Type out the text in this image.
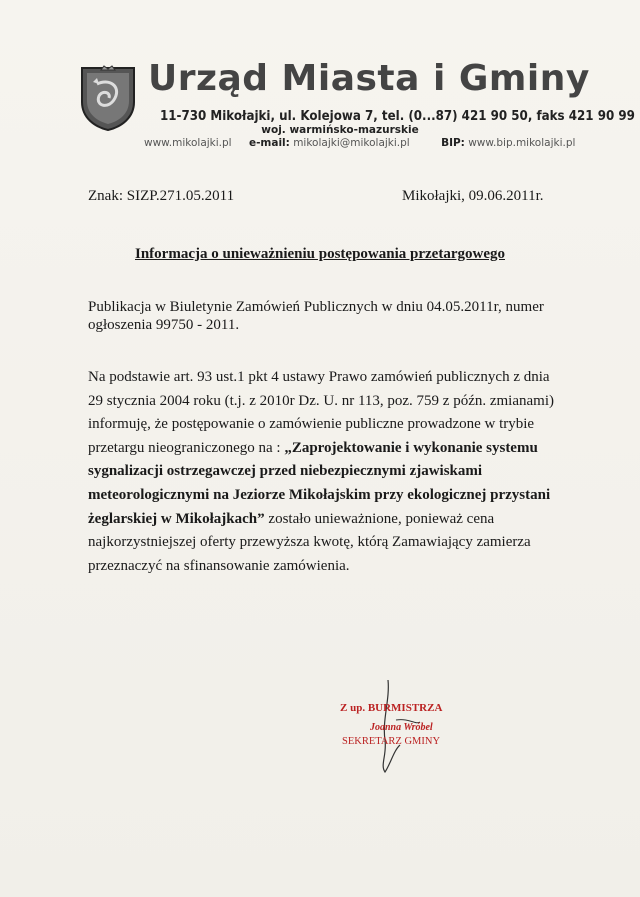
Urząd Miasta i Gminy
11-730 Mikołajki, ul. Kolejowa 7, tel. (0...87) 421 90 50, faks 421 90 99
woj. warmińsko-mazurskie
www.mikolajki.pl e-mail: mikolajki@mikolajki.pl	BIP: www.bip.mikolajki.pl
Znak: SIZP.271.05.2011	Mikołajki, 09.06.2011r.
Informacja o unieważnieniu postępowania przetargowego
Publikacja w Biuletynie Zamówień Publicznych w dniu 04.05.2011r, numer ogłoszenia 99750 - 2011.
Na podstawie art. 93 ust.1 pkt 4 ustawy Prawo zamówień publicznych z dnia 29 stycznia 2004 roku (t.j. z 2010r Dz. U. nr 113, poz. 759 z późn. zmianami) informuję, że postępowanie o zamówienie publiczne prowadzone w trybie przetargu nieograniczonego na : „Zaprojektowanie i wykonanie systemu sygnalizacji ostrzegawczej przed niebezpiecznymi zjawiskami meteorologicznymi na Jeziorze Mikołajskim przy ekologicznej przystani żeglarskiej w Mikołajkach” zostało unieważnione, ponieważ cena najkorzystniejszej oferty przewyższa kwotę, którą Zamawiający zamierza przeznaczyć na sfinansowanie zamówienia.
Z up. BURMISTRZA
Joanna Wróbel
SEKRETARZ GMINY
